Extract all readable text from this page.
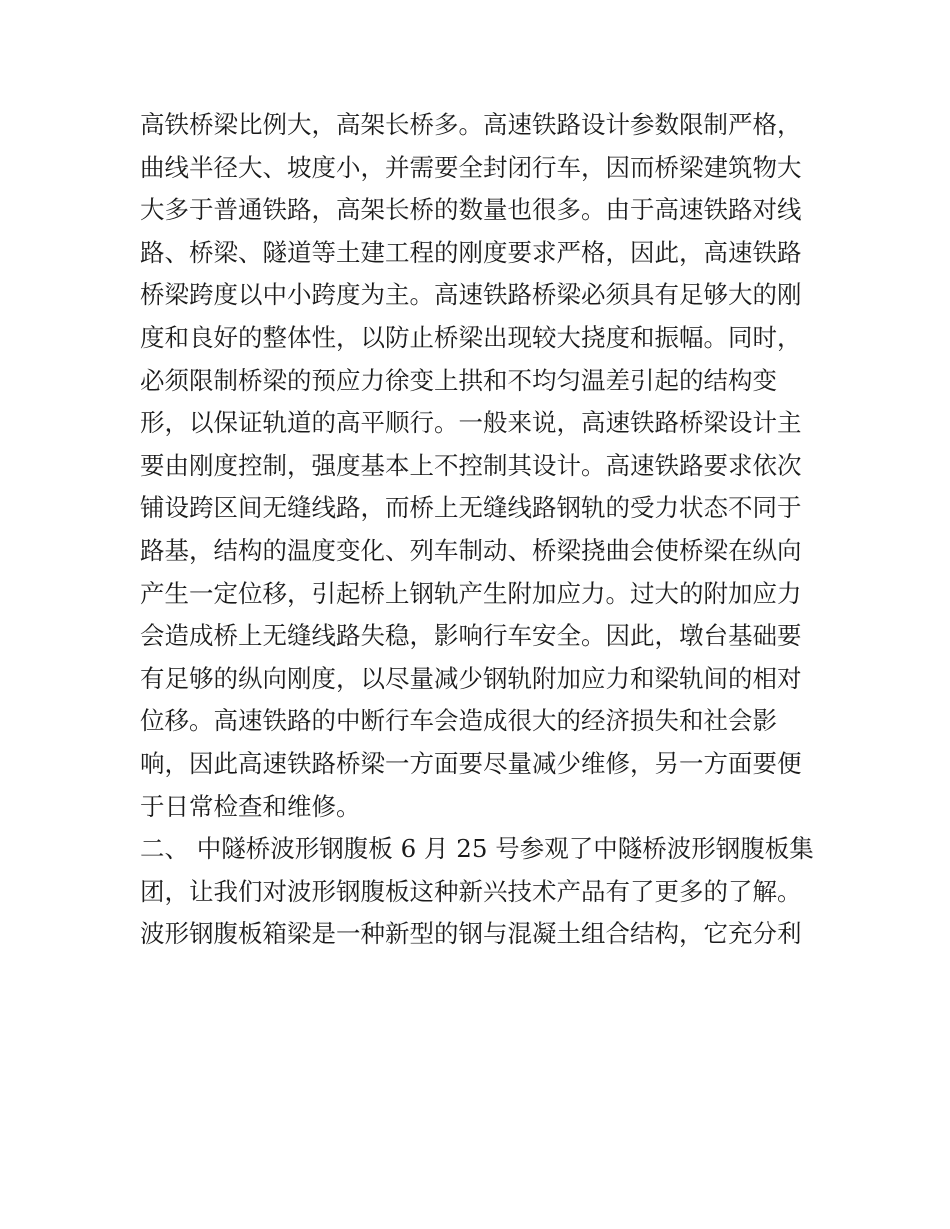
高铁桥梁比例大，高架长桥多。高速铁路设计参数限制严格，
曲线半径大、坡度小，并需要全封闭行车，因而桥梁建筑物大
大多于普通铁路，高架长桥的数量也很多。由于高速铁路对线
路、桥梁、隧道等土建工程的刚度要求严格，因此，高速铁路
桥梁跨度以中小跨度为主。高速铁路桥梁必须具有足够大的刚
度和良好的整体性，以防止桥梁出现较大挠度和振幅。同时，
必须限制桥梁的预应力徐变上拱和不均匀温差引起的结构变
形，以保证轨道的高平顺行。一般来说，高速铁路桥梁设计主
要由刚度控制，强度基本上不控制其设计。高速铁路要求依次
铺设跨区间无缝线路，而桥上无缝线路钢轨的受力状态不同于
路基，结构的温度变化、列车制动、桥梁挠曲会使桥梁在纵向
产生一定位移，引起桥上钢轨产生附加应力。过大的附加应力
会造成桥上无缝线路失稳，影响行车安全。因此，墩台基础要
有足够的纵向刚度，以尽量减少钢轨附加应力和梁轨间的相对
位移。高速铁路的中断行车会造成很大的经济损失和社会影
响，因此高速铁路桥梁一方面要尽量减少维修，另一方面要便
于日常检查和维修。
二、 中隧桥波形钢腹板 6 月 25 号参观了中隧桥波形钢腹板集
团，让我们对波形钢腹板这种新兴技术产品有了更多的了解。
波形钢腹板箱梁是一种新型的钢与混凝土组合结构，它充分利
